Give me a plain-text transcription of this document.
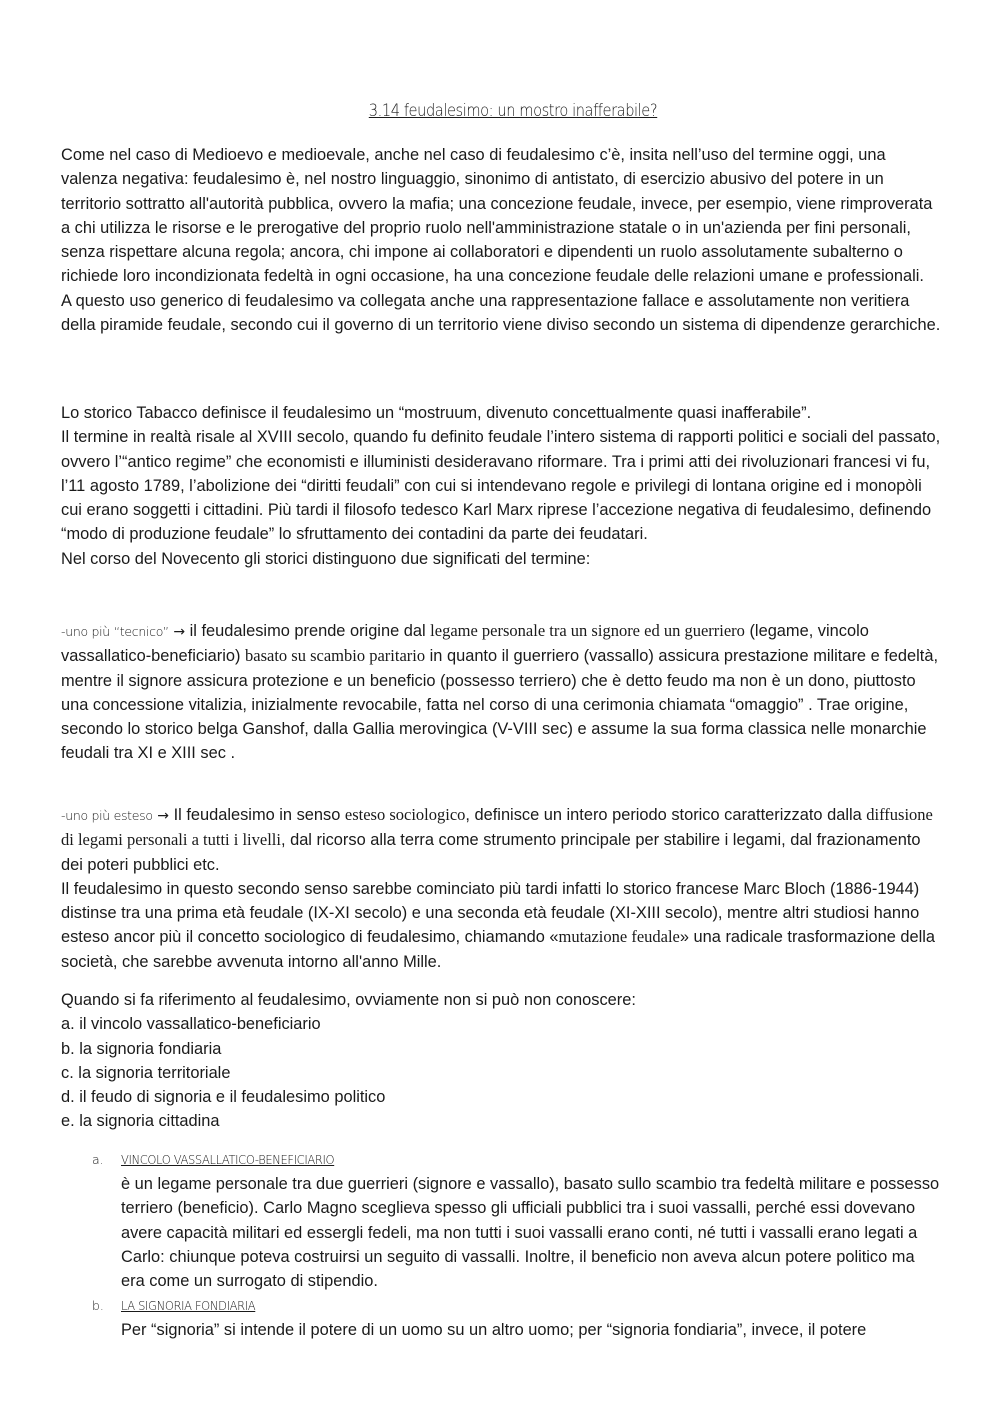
3.14 feudalesimo: un mostro inafferabile?

Come nel caso di Medioevo e medioevale, anche nel caso di feudalesimo c’è, insita nell’uso del termine oggi, una valenza negativa: feudalesimo è, nel nostro linguaggio, sinonimo di antistato, di esercizio abusivo del potere in un territorio sottratto all'autorità pubblica, ovvero la mafia; una concezione feudale, invece, per esempio, viene rimproverata a chi utilizza le risorse e le prerogative del proprio ruolo nell'amministrazione statale o in un'azienda per fini personali, senza rispettare alcuna regola; ancora, chi impone ai collaboratori e dipendenti un ruolo assolutamente subalterno o richiede loro incondizionata fedeltà in ogni occasione, ha una concezione feudale delle relazioni umane e professionali.

A questo uso generico di feudalesimo va collegata anche una rappresentazione fallace e assolutamente non veritiera della piramide feudale, secondo cui il governo di un territorio viene diviso secondo un sistema di dipendenze gerarchiche.

Lo storico Tabacco definisce il feudalesimo un “mostruum, divenuto concettualmente quasi inafferabile”.

Il termine in realtà risale al XVIII secolo, quando fu definito feudale l’intero sistema di rapporti politici e sociali del passato, ovvero l’“antico regime” che economisti e illuministi desideravano riformare. Tra i primi atti dei rivoluzionari francesi vi fu, l’11 agosto 1789, l’abolizione dei “diritti feudali” con cui si intendevano regole e privilegi di lontana origine ed i monopòli cui erano soggetti i cittadini. Più tardi il filosofo tedesco Karl Marx riprese l’accezione negativa di feudalesimo, definendo “modo di produzione feudale” lo sfruttamento dei contadini da parte dei feudatari.

Nel corso del Novecento gli storici distinguono due significati del termine:

-uno più “tecnico” → il feudalesimo prende origine dal legame personale tra un signore ed un guerriero (legame, vincolo vassallatico-beneficiario) basato su scambio paritario in quanto il guerriero (vassallo) assicura prestazione militare e fedeltà, mentre il signore assicura protezione e un beneficio (possesso terriero) che è detto feudo ma non è un dono, piuttosto una concessione vitalizia, inizialmente revocabile, fatta nel corso di una cerimonia chiamata “omaggio” . Trae origine, secondo lo storico belga Ganshof, dalla Gallia merovingica (V-VIII sec) e assume la sua forma classica nelle monarchie feudali tra XI e XIII sec .

-uno più esteso → Il feudalesimo in senso esteso sociologico, definisce un intero periodo storico caratterizzato dalla diffusione di legami personali a tutti i livelli, dal ricorso alla terra come strumento principale per stabilire i legami, dal frazionamento dei poteri pubblici etc.

Il feudalesimo in questo secondo senso sarebbe cominciato più tardi infatti lo storico francese Marc Bloch (1886-1944) distinse tra una prima età feudale (IX-XI secolo) e una seconda età feudale (XI-XIII secolo), mentre altri studiosi hanno esteso ancor più il concetto sociologico di feudalesimo, chiamando «mutazione feudale» una radicale trasformazione della società, che sarebbe avvenuta intorno all'anno Mille.

Quando si fa riferimento al feudalesimo, ovviamente non si può non conoscere:

a. il vincolo vassallatico-beneficiario

b. la signoria fondiaria

c. la signoria territoriale

d. il feudo di signoria e il feudalesimo politico

e. la signoria cittadina

a. VINCOLO VASSALLATICO-BENEFICIARIO
è un legame personale tra due guerrieri (signore e vassallo), basato sullo scambio tra fedeltà militare e possesso terriero (beneficio). Carlo Magno sceglieva spesso gli ufficiali pubblici tra i suoi vassalli, perché essi dovevano avere capacità militari ed essergli fedeli, ma non tutti i suoi vassalli erano conti, né tutti i vassalli erano legati a Carlo: chiunque poteva costruirsi un seguito di vassalli. Inoltre, il beneficio non aveva alcun potere politico ma era come un surrogato di stipendio.
b. LA SIGNORIA FONDIARIA
Per “signoria” si intende il potere di un uomo su un altro uomo; per “signoria fondiaria”, invece, il potere
